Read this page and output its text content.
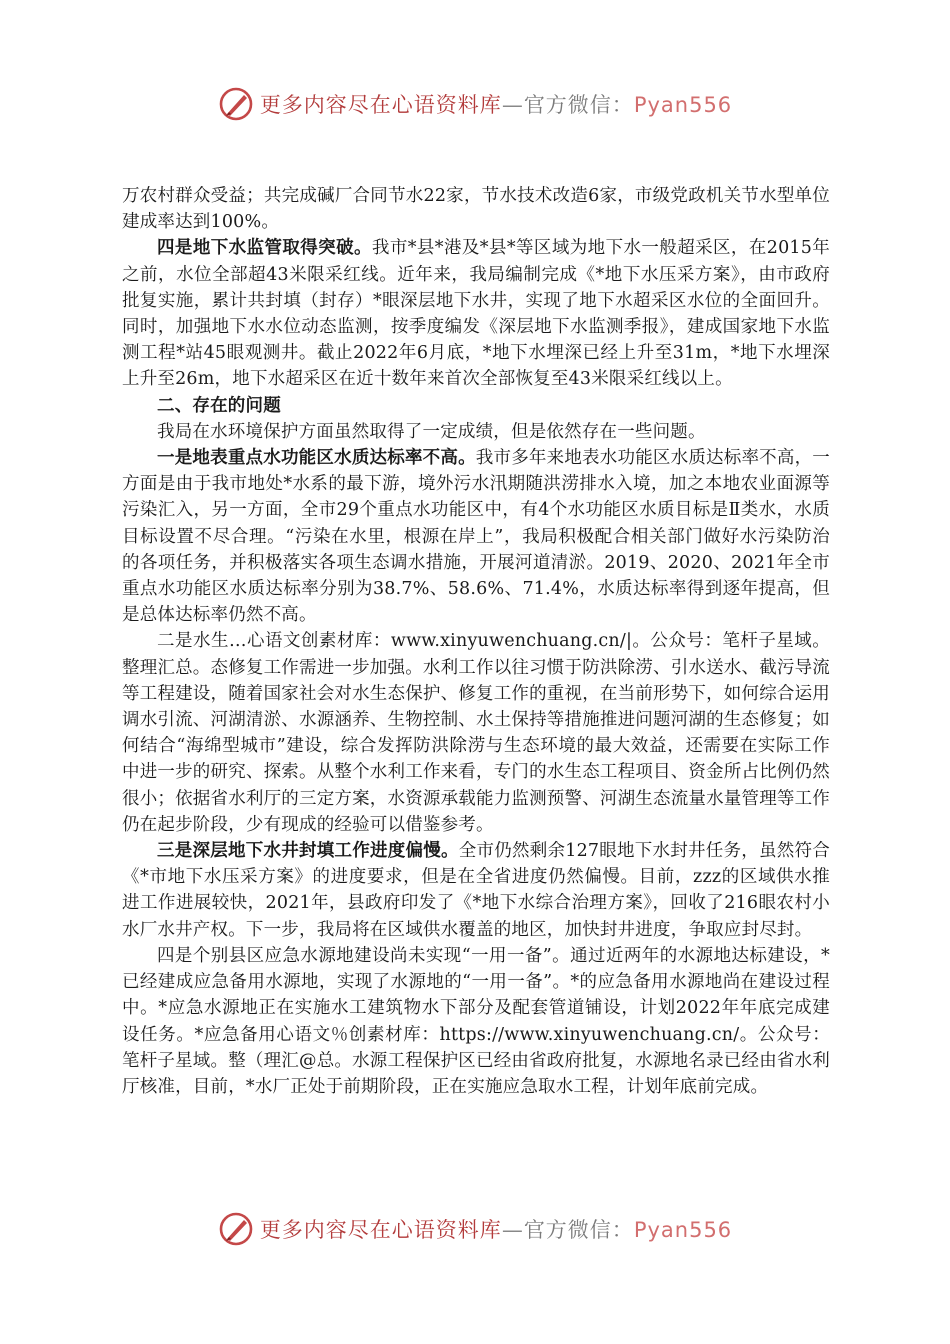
更多内容尽在心语资料库—官方微信：Pyan556

万农村群众受益；共完成碱厂合同节水22家，节水技术改造6家，市级党政机关节水型单位建成率达到100%。

四是地下水监管取得突破。我市*县*港及*县*等区域为地下水一般超采区，在2015年之前，水位全部超43米限采红线。近年来，我局编制完成《*地下水压采方案》，由市政府批复实施，累计共封填（封存）*眼深层地下水井，实现了地下水超采区水位的全面回升。同时，加强地下水水位动态监测，按季度编发《深层地下水监测季报》，建成国家地下水监测工程*站45眼观测井。截止2022年6月底，*地下水埋深已经上升至31m，*地下水埋深上升至26m，地下水超采区在近十数年来首次全部恢复至43米限采红线以上。

二、存在的问题

我局在水环境保护方面虽然取得了一定成绩，但是依然存在一些问题。

一是地表重点水功能区水质达标率不高。我市多年来地表水功能区水质达标率不高，一方面是由于我市地处*水系的最下游，境外污水汛期随洪涝排水入境，加之本地农业面源等污染汇入，另一方面，全市29个重点水功能区中，有4个水功能区水质目标是Ⅱ类水，水质目标设置不尽合理。“污染在水里，根源在岸上”，我局积极配合相关部门做好水污染防治的各项任务，并积极落实各项生态调水措施，开展河道清淤。2019、2020、2021年全市重点水功能区水质达标率分别为38.7%、58.6%、71.4%，水质达标率得到逐年提高，但是总体达标率仍然不高。

二是水生…心语文创素材库：www.xinyuwenchuang.cn/|。公众号：笔杆子星域。整理汇总。态修复工作需进一步加强。水利工作以往习惯于防洪除涝、引水送水、截污导流等工程建设，随着国家社会对水生态保护、修复工作的重视，在当前形势下，如何综合运用调水引流、河湖清淤、水源涵养、生物控制、水土保持等措施推进问题河湖的生态修复；如何结合“海绵型城市”建设，综合发挥防洪除涝与生态环境的最大效益，还需要在实际工作中进一步的研究、探索。从整个水利工作来看，专门的水生态工程项目、资金所占比例仍然很小；依据省水利厅的三定方案，水资源承载能力监测预警、河湖生态流量水量管理等工作仍在起步阶段，少有现成的经验可以借鉴参考。

三是深层地下水井封填工作进度偏慢。全市仍然剩余127眼地下水封井任务，虽然符合《*市地下水压采方案》的进度要求，但是在全省进度仍然偏慢。目前，zzz的区域供水推进工作进展较快，2021年，县政府印发了《*地下水综合治理方案》，回收了216眼农村小水厂水井产权。下一步，我局将在区域供水覆盖的地区，加快封井进度，争取应封尽封。

四是个别县区应急水源地建设尚未实现“一用一备”。通过近两年的水源地达标建设，*已经建成应急备用水源地，实现了水源地的“一用一备”。*的应急备用水源地尚在建设过程中。*应急水源地正在实施水工建筑物水下部分及配套管道铺设，计划2022年年底完成建设任务。*应急备用心语文％创素材库：https://www.xinyuwenchuang.cn/。公众号：笔杆子星域。整（理汇@总。水源工程保护区已经由省政府批复，水源地名录已经由省水利厅核准，目前，*水厂正处于前期阶段，正在实施应急取水工程，计划年底前完成。

更多内容尽在心语资料库—官方微信：Pyan556
